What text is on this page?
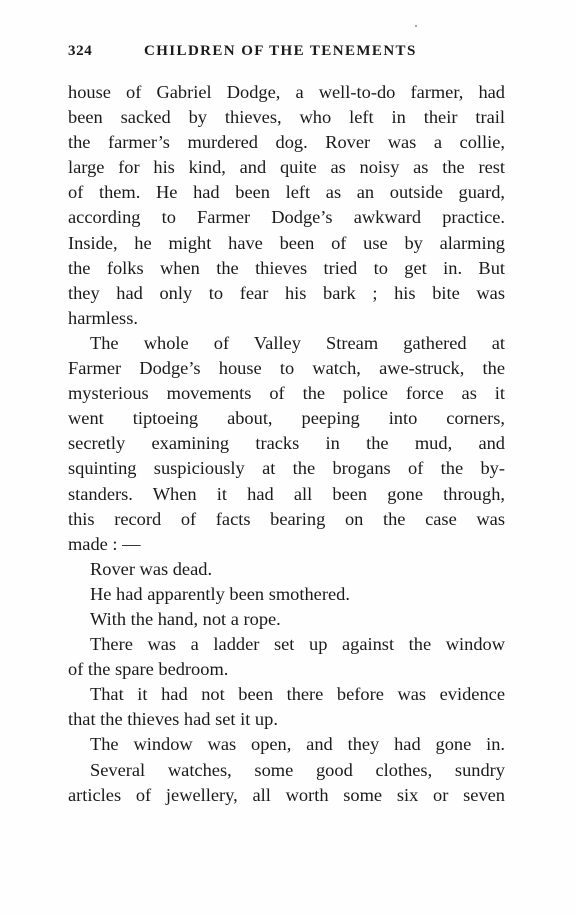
324	CHILDREN OF THE TENEMENTS
house of Gabriel Dodge, a well-to-do farmer, had
been sacked by thieves, who left in their trail
the farmer’s murdered dog. Rover was a collie,
large for his kind, and quite as noisy as the rest
of them. He had been left as an outside guard,
according to Farmer Dodge’s awkward practice.
Inside, he might have been of use by alarming
the folks when the thieves tried to get in. But
they had only to fear his bark ; his bite was
harmless.
The whole of Valley Stream gathered at
Farmer Dodge’s house to watch, awe-struck, the
mysterious movements of the police force as it
went tiptoeing about, peeping into corners,
secretly examining tracks in the mud, and
squinting suspiciously at the brogans of the by-
standers. When it had all been gone through,
this record of facts bearing on the case was
made : —
Rover was dead.
He had apparently been smothered.
With the hand, not a rope.
There was a ladder set up against the window
of the spare bedroom.
That it had not been there before was evidence
that the thieves had set it up.
The window was open, and they had gone in.
Several watches, some good clothes, sundry
articles of jewellery, all worth some six or seven
